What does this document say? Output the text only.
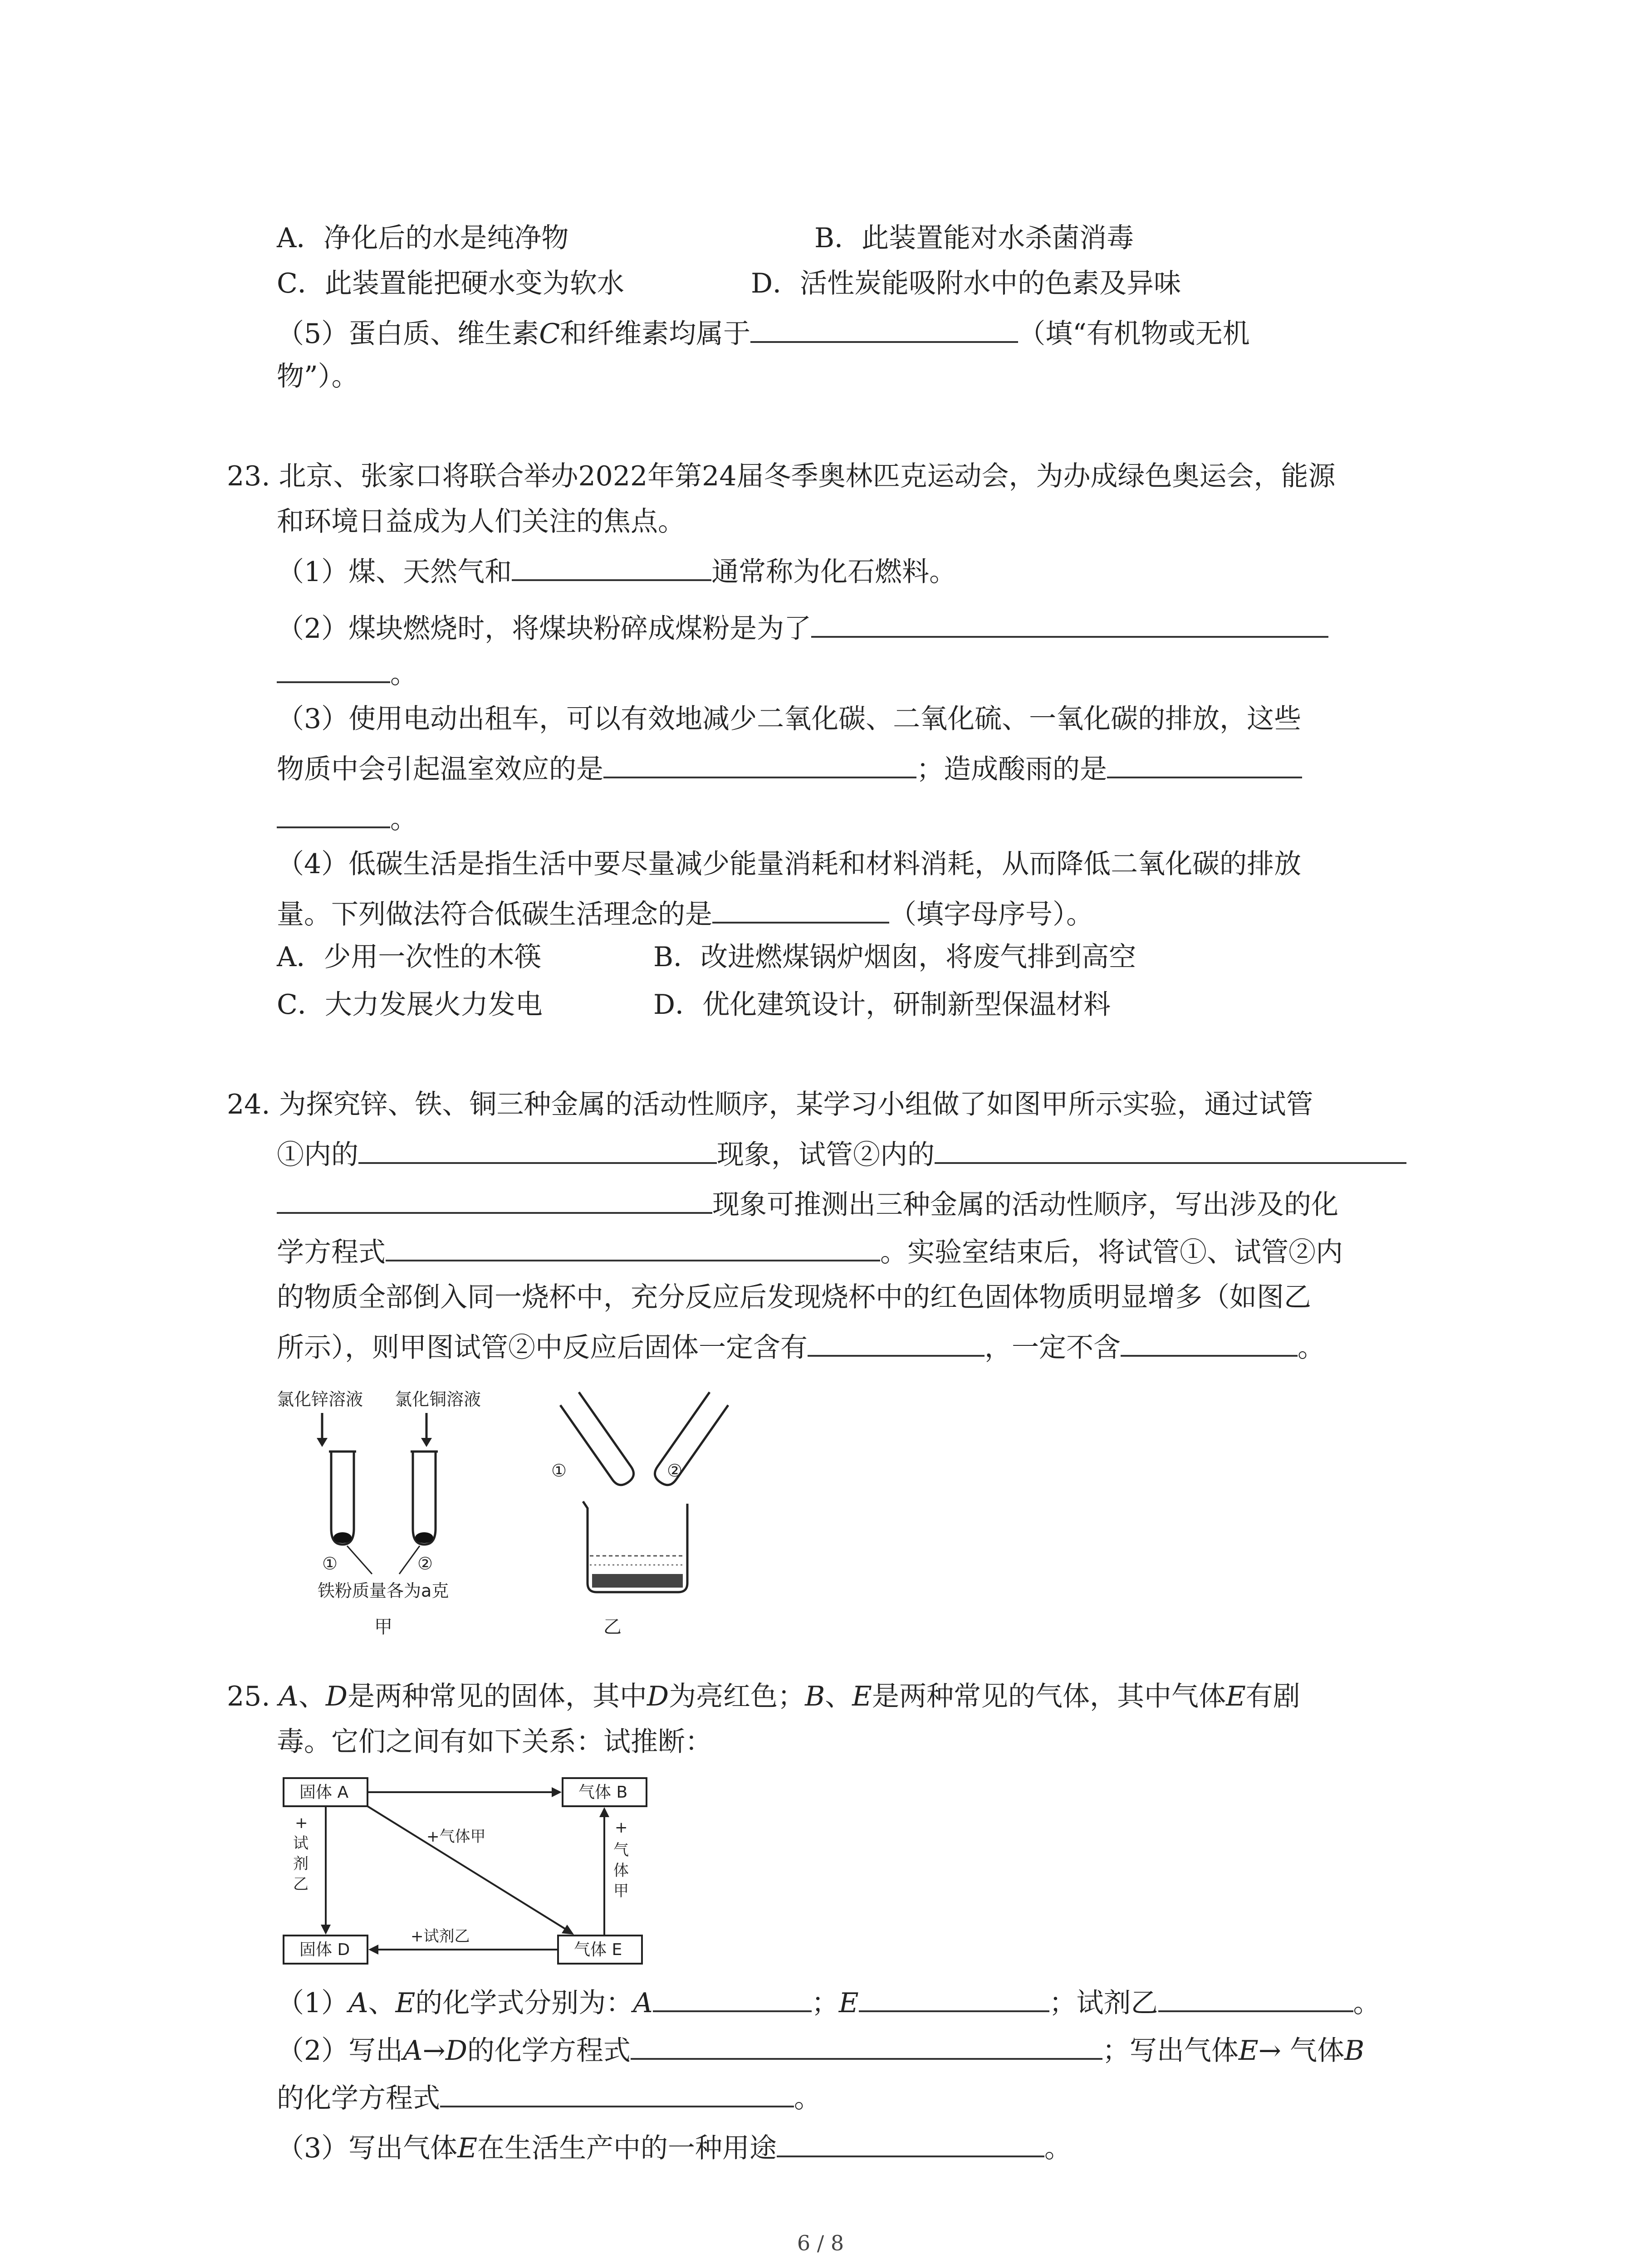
A．净化后的水是纯净物	B．此装置能对水杀菌消毒
C．此装置能把硬水变为软水	D．活性炭能吸附水中的色素及异味
（5）蛋白质、维生素C和纤维素均属于	（填“有机物或无机
物”）。
23. 北京、张家口将联合举办2022年第24届冬季奥林匹克运动会，为办成绿色奥运会，能源
和环境日益成为人们关注的焦点。
（1）煤、天然气和	通常称为化石燃料。
（2）煤块燃烧时，将煤块粉碎成煤粉是为了
。
（3）使用电动出租车，可以有效地减少二氧化碳、二氧化硫、一氧化碳的排放，这些
物质中会引起温室效应的是	；造成酸雨的是
。
（4）低碳生活是指生活中要尽量减少能量消耗和材料消耗，从而降低二氧化碳的排放
量。下列做法符合低碳生活理念的是	（填字母序号）。
A．少用一次性的木筷	B．改进燃煤锅炉烟囱，将废气排到高空
C．大力发展火力发电	D．优化建筑设计，研制新型保温材料
24. 为探究锌、铁、铜三种金属的活动性顺序，某学习小组做了如图甲所示实验，通过试管
①内的	现象，试管②内的
现象可推测出三种金属的活动性顺序，写出涉及的化
学方程式	。实验室结束后，将试管①、试管②内
的物质全部倒入同一烧杯中，充分反应后发现烧杯中的红色固体物质明显增多（如图乙
所示），则甲图试管②中反应后固体一定含有	，一定不含	。
氯化锌溶液 氯化铜溶液
①	②
铁粉质量各为a克
甲
①	②
乙
25. A、D是两种常见的固体，其中D为亮红色；B、E是两种常见的气体，其中气体E有剧
毒。它们之间有如下关系：试推断：
固体 A	气体 B
固体 D	气体 E
+气体甲
+
试
剂
乙
+
气
体
甲
+试剂乙
（1）A、E的化学式分别为：A	；E	；试剂乙	。
（2）写出A→D的化学方程式	；写出气体E→ 气体B
的化学方程式	。
（3）写出气体E在生活生产中的一种用途	。
6 / 8
